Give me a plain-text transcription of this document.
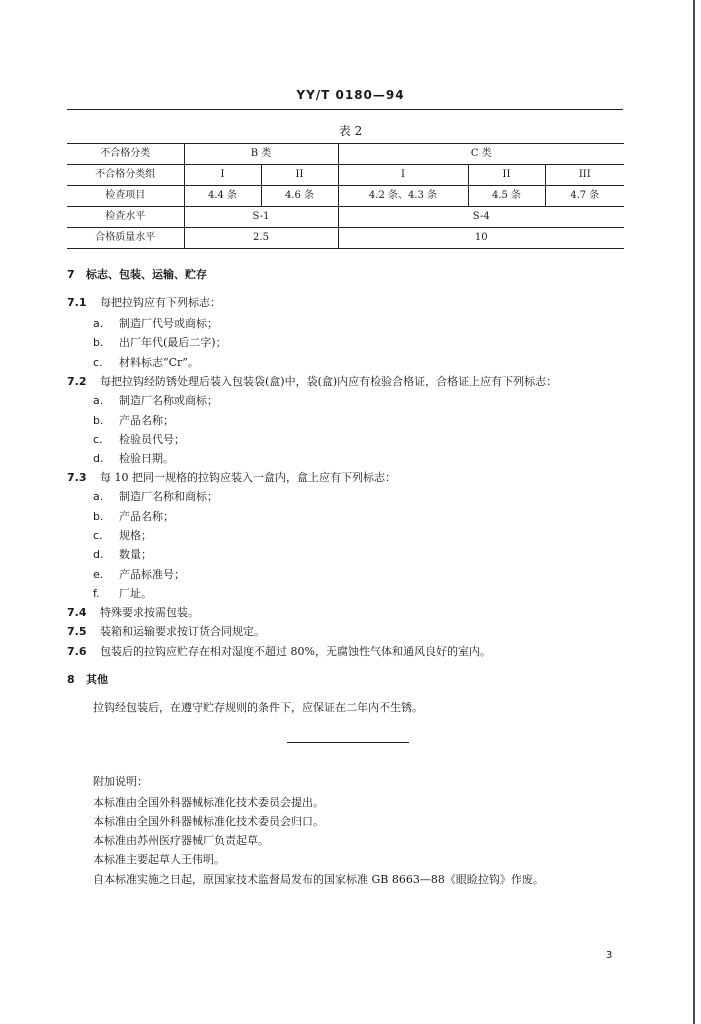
YY/T 0180—94
表 2
不合格分类	B 类		C 类		
不合格分类组	I	II	I	II	III
检查项目	4.4 条	4.6 条	4.2 条、4.3 条	4.5 条	4.7 条
检查水平	S-1		S-4		
合格质量水平	2.5		10		
7 标志、包装、运输、贮存
7.1 每把拉钩应有下列标志：
a. 制造厂代号或商标；
b. 出厂年代(最后二字)；
c. 材料标志“Cr”。
7.2 每把拉钩经防锈处理后装入包装袋(盒)中，袋(盒)内应有检验合格证，合格证上应有下列标志：
a. 制造厂名称或商标；
b. 产品名称；
c. 检验员代号；
d. 检验日期。
7.3 每 10 把同一规格的拉钩应装入一盒内，盒上应有下列标志：
a. 制造厂名称和商标；
b. 产品名称；
c. 规格；
d. 数量；
e. 产品标准号；
f. 厂址。
7.4 特殊要求按需包装。
7.5 装箱和运输要求按订货合同规定。
7.6 包装后的拉钩应贮存在相对湿度不超过 80%，无腐蚀性气体和通风良好的室内。
8 其他
拉钩经包装后，在遵守贮存规则的条件下，应保证在二年内不生锈。
附加说明：
本标准由全国外科器械标准化技术委员会提出。
本标准由全国外科器械标准化技术委员会归口。
本标准由苏州医疗器械厂负责起草。
本标准主要起草人王伟明。
自本标准实施之日起，原国家技术监督局发布的国家标准 GB 8663—88《眼睑拉钩》作废。
3
